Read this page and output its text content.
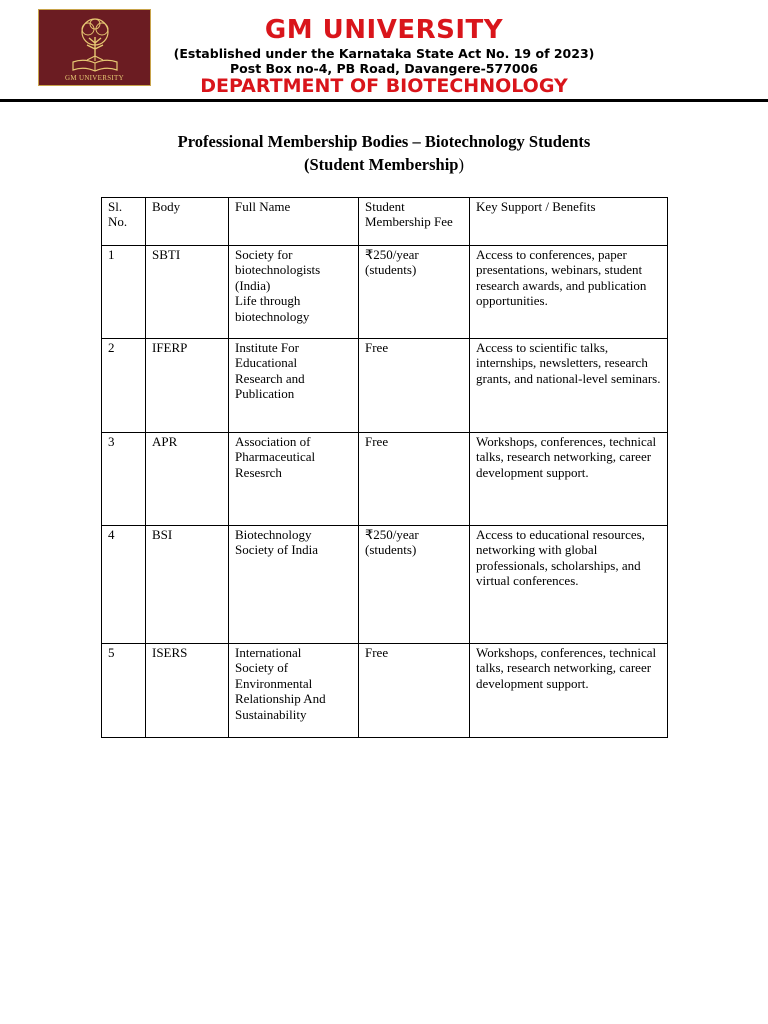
GM UNIVERSITY
GM UNIVERSITY
(Established under the Karnataka State Act No. 19 of 2023)
Post Box no-4, PB Road, Davangere-577006
DEPARTMENT OF BIOTECHNOLOGY
Professional Membership Bodies – Biotechnology Students
(Student Membership)
Sl.
No.	Body	Full Name	Student
Membership Fee	Key Support / Benefits

1	SBTI	Society for
biotechnologists
(India)
Life through
biotechnology	₹250/year
(students)	Access to conferences, paper presentations, webinars, student research awards, and publication opportunities.

2	IFERP	Institute For
Educational
Research and
Publication	Free	Access to scientific talks, internships, newsletters, research grants, and national-level seminars.

3	APR	Association of
Pharmaceutical
Resesrch	Free	Workshops, conferences, technical talks, research networking, career development support.

4	BSI	Biotechnology
Society of India	₹250/year
(students)	Access to educational resources, networking with global professionals, scholarships, and virtual conferences.

5	ISERS	International
Society of
Environmental
Relationship And
Sustainability	Free	Workshops, conferences, technical talks, research networking, career development support.
